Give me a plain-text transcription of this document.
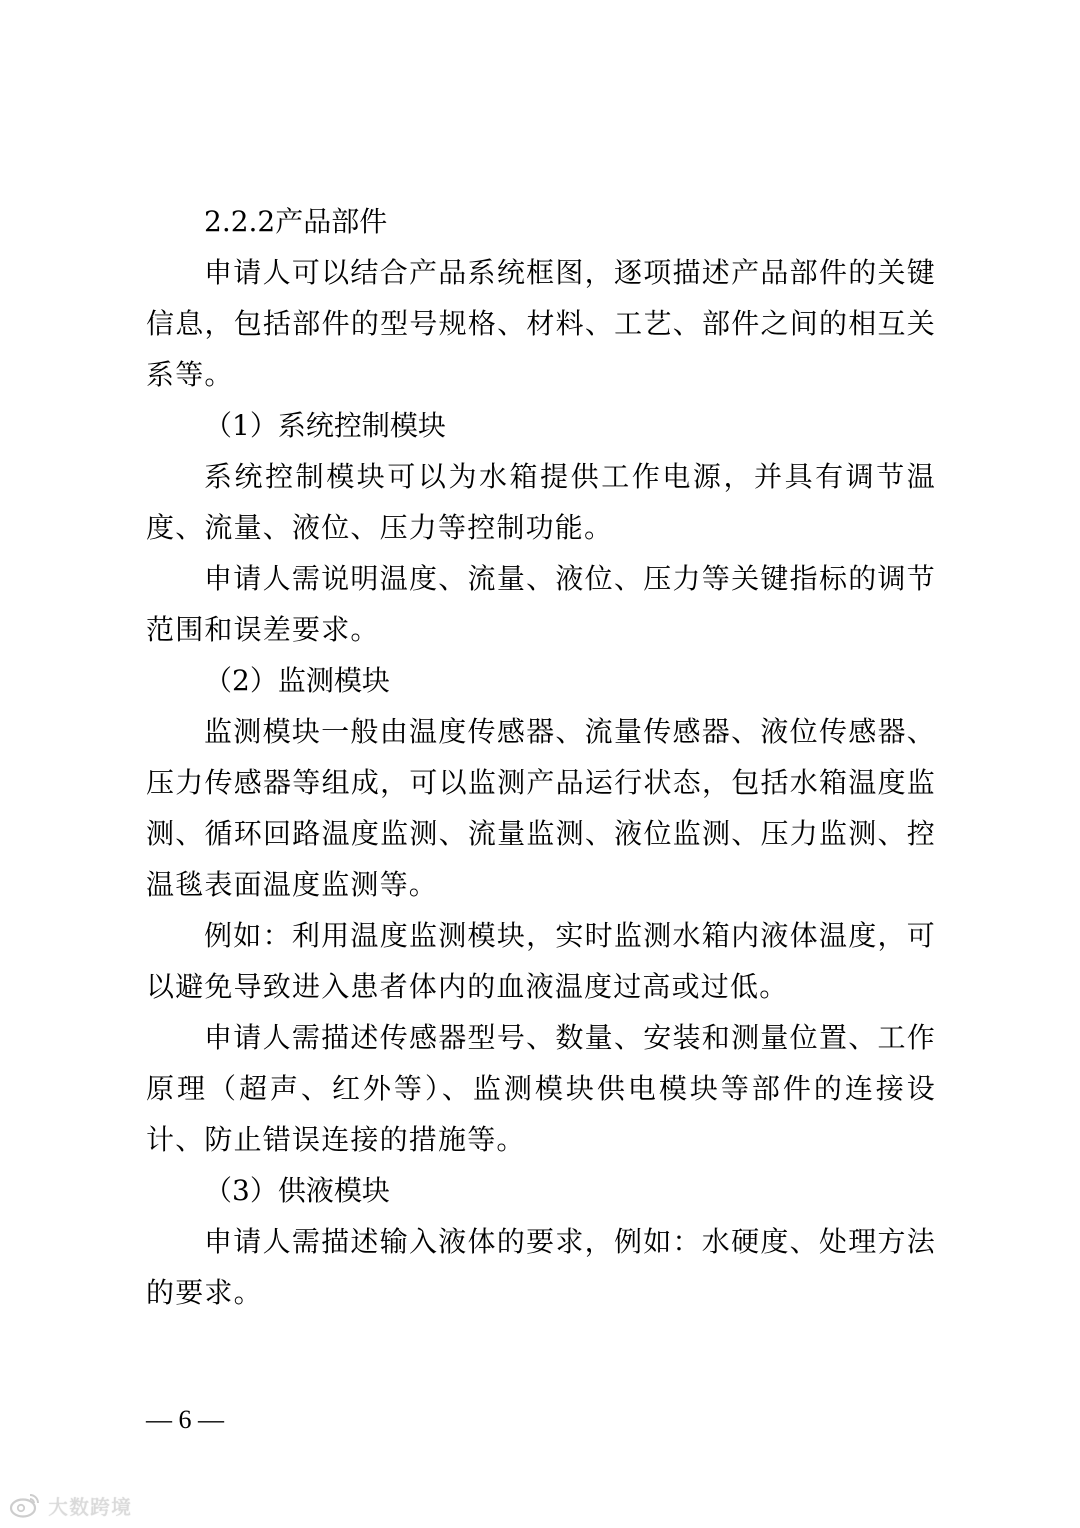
2.2.2产品部件

申请人可以结合产品系统框图，逐项描述产品部件的关键信息，包括部件的型号规格、材料、工艺、部件之间的相互关系等。

（1）系统控制模块

系统控制模块可以为水箱提供工作电源，并具有调节温度、流量、液位、压力等控制功能。

申请人需说明温度、流量、液位、压力等关键指标的调节范围和误差要求。

（2）监测模块

监测模块一般由温度传感器、流量传感器、液位传感器、压力传感器等组成，可以监测产品运行状态，包括水箱温度监测、循环回路温度监测、流量监测、液位监测、压力监测、控温毯表面温度监测等。

例如：利用温度监测模块，实时监测水箱内液体温度，可以避免导致进入患者体内的血液温度过高或过低。

申请人需描述传感器型号、数量、安装和测量位置、工作原理（超声、红外等）、监测模块供电模块等部件的连接设计、防止错误连接的措施等。

（3）供液模块

申请人需描述输入液体的要求，例如：水硬度、处理方法的要求。

— 6 —
大数跨境
